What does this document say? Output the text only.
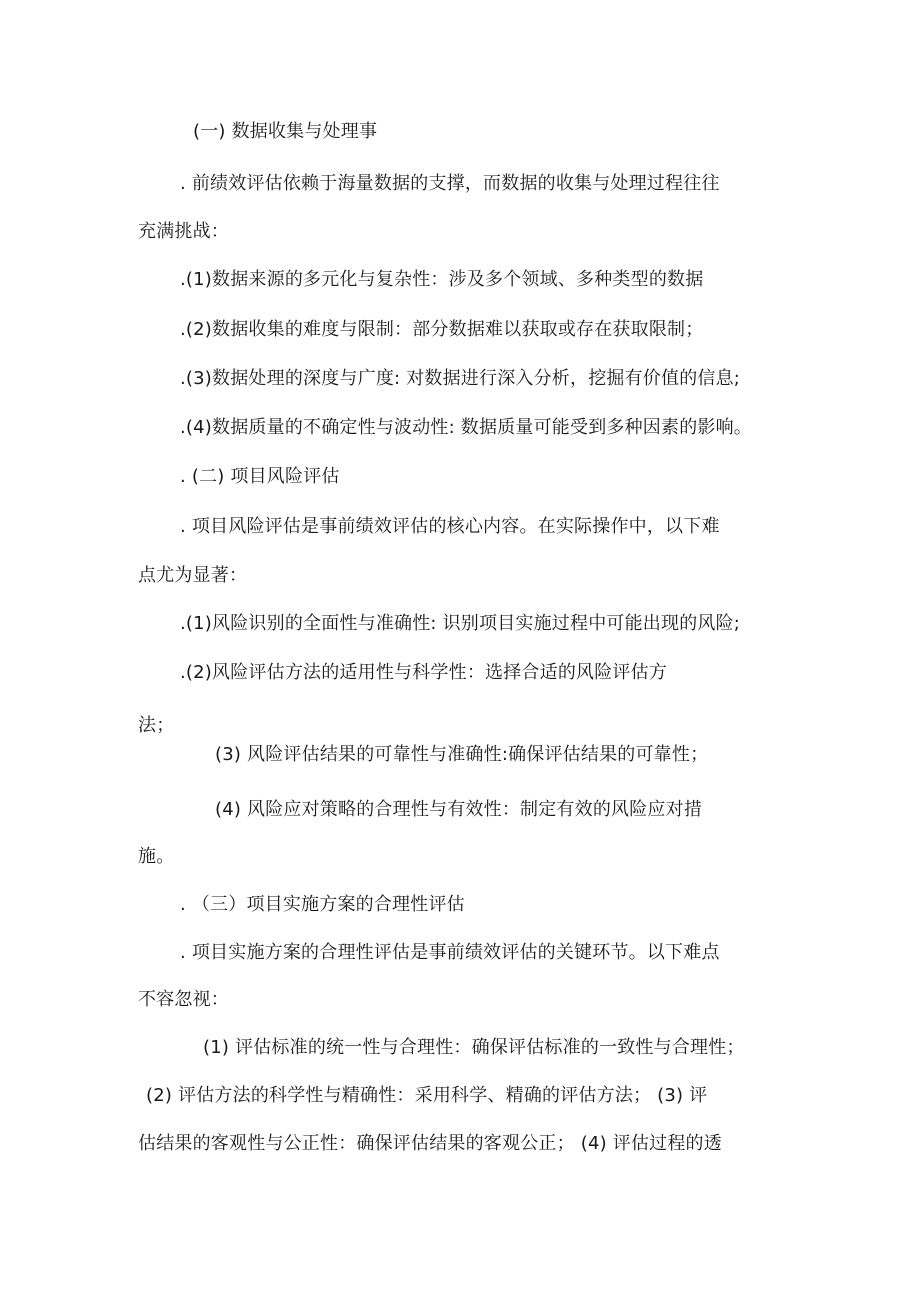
(一) 数据收集与处理事
. 前绩效评估依赖于海量数据的支撑，而数据的收集与处理过程往往
充满挑战：
.(1)数据来源的多元化与复杂性：涉及多个领域、多种类型的数据
.(2)数据收集的难度与限制：部分数据难以获取或存在获取限制；
.(3)数据处理的深度与广度: 对数据进行深入分析，挖掘有价值的信息;
.(4)数据质量的不确定性与波动性: 数据质量可能受到多种因素的影响。
. (二) 项目风险评估
. 项目风险评估是事前绩效评估的核心内容。在实际操作中，以下难
点尤为显著：
.(1)风险识别的全面性与准确性: 识别项目实施过程中可能出现的风险;
.(2)风险评估方法的适用性与科学性：选择合适的风险评估方
法；
(3) 风险评估结果的可靠性与准确性:确保评估结果的可靠性；
(4) 风险应对策略的合理性与有效性：制定有效的风险应对措
施。
. （三）项目实施方案的合理性评估
. 项目实施方案的合理性评估是事前绩效评估的关键环节。以下难点
不容忽视：
(1) 评估标准的统一性与合理性：确保评估标准的一致性与合理性；
(2) 评估方法的科学性与精确性：采用科学、精确的评估方法； (3) 评
估结果的客观性与公正性：确保评估结果的客观公正； (4) 评估过程的透
